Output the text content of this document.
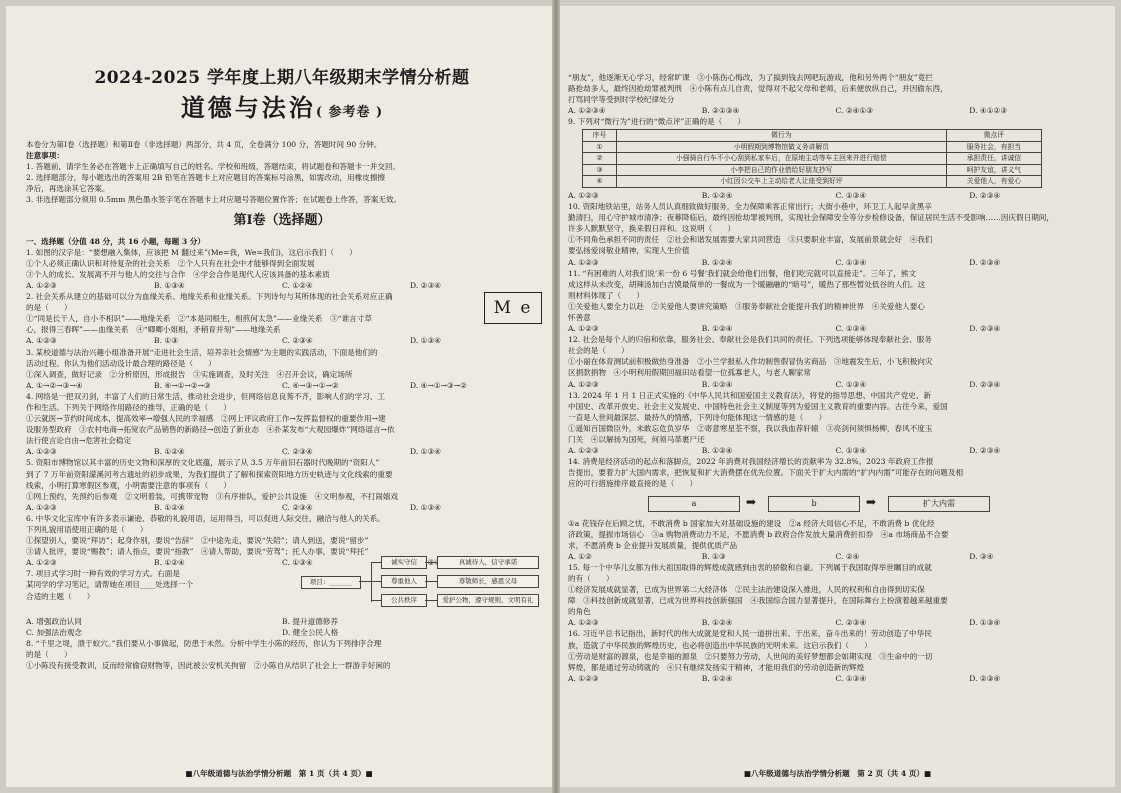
2024-2025 学年度上期八年级期末学情分析题

道德与法治( 参考卷 )

本卷分为第Ⅰ卷（选择题）和第Ⅱ卷（非选择题）两部分，共 4 页，全卷满分 100 分，答题时间 90 分钟。

注意事项：

1. 答题前，请学生务必在答题卡上正确填写自己的姓名、学校和班级，答题结束，将试题卷和答题卡一并交回。

2. 选择题部分，每小题选出的答案用 2B 铅笔在答题卡上对应题目的答案标号涂黑，如需改动，用橡皮擦擦

净后，再选涂其它答案。

3. 非选择题部分须用 0.5mm 黑色墨水签字笔在答题卡上对应题号答题位置作答；在试题卷上作答，答案无效。

第Ⅰ卷（选择题）

一、选择题（分值 48 分，共 16 小题，每题 3 分）

1. 如图的汉字是：“要想融入集体，应该把 M 翻过来”(Me=我，We=我们)，这启示我们（　　）

①个人必须正确认识和对待复杂的社会关系　②个人只有在社会中才能够得到全面发展

③个人的成长、发展离不开与他人的交往与合作　④学会合作是现代人应该具备的基本素质

A. ①②③	B. ①③④	C. ①②④	D. ②③④

2. 社会关系从建立的基础可以分为血缘关系、地缘关系和业缘关系。下列诗句与其所体现的社会关系对应正确

的是（　　）

①“同是长干人，自小不相识”——地缘关系　②“本是同根生，相煎何太急”——业缘关系　③“谁言寸草

心，报得三春晖”——血缘关系　④“卿卿小姐相，矛稍育并刻”——地缘关系

A. ①②③	B. ①③	C. ②③④	D. ①③④

3. 某校道德与法治兴趣小组准备开展“走进社会生活，培养亲社会情感”为主题的实践活动，下面是他们的

活动过程。你认为他们活动设计最合理的路径是（　　）

①深入调查，做好记录　②分析原因，形成报告　③实施调查，及时关注　④召开会议，确定场所

A. ①→②→③→④	B. ④→①→②→③	C. ④→③→①→②	D. ④→①→③→②

4. 网络是一把双刃剑，丰富了人们的日常生活，推动社会进步，但网络信息良莠不齐，影响人们的学习、工

作和生活。下列关于网络作用路径的推导，正确的是（　　）

①云就医→节约时间成本，提高效率→增强人民的幸福感　②网上评议政府工作→发挥监督权的重要作用→建

设服务型政府　③农村电商→拓宽农产品销售的新路径→创造了新业态　④扑某发布“大观园爆炸”网络谣言→依

法行使言论自由→危害社会稳定

A. ①②③	B. ①②④	C. ②③④	D. ①③④

5. 资阳市博物馆以其丰富的历史文物和深厚的文化底蕴，展示了从 3.5 万年前旧石器时代晚期的“资阳人”

到了 7 万年前资阳濛溪河考古遗址的初步成果，为我们提供了了解和探索资阳地方历史轨迹与文化线索的重要

线索，小明打算寒假区参观，小明需要注意的事项有（　　）

①网上预约，先预约后参观　②文明着装，可携带宠物　③有序排队，爱护公共设施　④文明参观，不打闹嬉戏

A. ①②③	B. ①②④	C. ②③④	D. ①③④

6. 中华文化宝库中有许多表示谦逊、恭敬的礼貌用语，运用得当，可以促进人际交往，融洽与他人的关系。

下列礼貌用语使用正确的是（　　）

①探望别人，要说“拜访”；起身作别，要说“告辞”　②中途先走，要说“失陪”；请人到送，要说“留步”

③请人批评，要说“赐教”；请人指点，要说“指教”　④请人帮助，要说“劳驾”；托人办事，要说“拜托”

A. ①②③	B. ①②④	C. ①③④	②③④

7. 项目式学习时一种有效的学习方式。右面是

某同学的学习笔记，请帮她在项目____处选择一个

合适的主题（　　）

项目：_______
诚实守信	真诚待人，信守承诺
尊重他人	尊敬师长，感恩父母
公共秩序	爱护公物，遵守规则，文明有礼
A. 增强政治认同	B. 提升道德修养
C. 加强法治观念	D. 健全公民人格

8. “千里之堤，溃于蚁穴。”我们要从小事做起，防患于未然。分析中学生小陈的经历，你认为下列排序合理

的是（　　）

①小陈没有接受教训，反而经常偷窃财物等，因此被公安机关拘留　②小陈自从结识了社会上一群游手好闲的

M e
■八年级道德与法治学情分析题　第 1 页（共 4 页）■

“朋友”，他逐渐无心学习，经常旷课　③小陈伤心悔改，为了搞到钱去网吧玩游戏，他和另外两个“朋友”竟拦

路抢劫多人，最终因抢劫罪被判刑　④小陈有点儿自责，觉得对不起父母和老师，后来便放纵自己，并因偷东西，

打骂同学等受到时学校纪律处分

A. ①②③④	B. ②①③④	C. ②④①③	D. ④①②③

9. 下列对“微行为”进行的“微点评”正确的是（　　）

序号	微行为	微点评
①	小明假期到博物馆做义务讲解员	服务社会，有担当
②	小强骑自行车不小心刮到私家车后，在原地主动等车主回来并进行赔偿	承担责任，讲诚信
③	小李把自己的作业借给好朋友抄写	呵护友谊，讲义气
④	小红因公交车上主动给老人让座受到好评	关爱他人，有爱心
A. ①②③	B. ①②④	C. ①③④	D. ②③④

10. 资阳地铁站里，站务人员认真细致做好服务，全力保障乘客正常出行；大街小巷中，环卫工人起早贪黑辛

勤清扫，用心守护城市清净；夜幕降临后，最终因抢劫罪被判刑，实现社会保障安全等分步检修设备，保证居民生活不受影响……因庆假日期间，

许多人默默坚守，换来假日祥和。这说明（　　）

①不同角色承担不同的责任　②社会和谐发展需要大家共同营造　③只要职业丰富，发展前景就会好　④我们

要弘扬爱岗敬业精神，实现人生价值

A. ①②③	B. ①②④	C. ①③④	D. ②③④

11. “有困难的人对我们说‘来一份 6 号餐’我们就会给他们出餐，他们吃完就可以直接走”。三年了，熊文

成这样从未改变，胡辣汤加白吉馍最简单的一餐成为一个暖融融的“暗号”，暖热了那些暂处低谷的人们。这

则材料体现了（　　）

①关爱他人要全力以赴　②关爱他人要讲究策略　③服务奉献社会能提升我们的精神世界　④关爱他人要心

怀善意

A. ①②③	B. ①②④	C. ①③④	D. ②③④

12. 社会是每个人的归宿和依靠，服务社会、奉献社会是我们共同的责任。下列选项能够体现奉献社会、服务

社会的是（　　）

①小丽在体育测试前积极做热身准备　②小兰学报私人作坊制售假冒伪劣商品　③地震发生后，小飞积极向灾

区捐款捐物　④小明利用假期回福田站看望一位孤寡老人，与老人聊家常

A. ①②③	B. ①②④	C. ①③④	D. ②③④

13. 2024 年 1 月 1 日正式实施的《中华人民共和国爱国主义教育法》，将党的指导思想、中国共产党史、新

中国史、改革开放史、社会主义发展史、中国特色社会主义制度等列为爱国主义教育的重要内容。古往今来，爱国

一直是人世间最深层、最持久的情感，下列诗句能体现这一情感的是（　　）

①遥知百国微臣外，未敢忘危负岁华　②寄意寒星荃不察，我以我血荐轩辕　③亮剑何须惧杨柳，春风不度玉

门关　④以解扬为国死，何须马革裹尸还

A. ①②③	B. ①②④	C. ①③④	D. ②③④

14. 消费是经济活动的起点和落脚点，2022 年消费对我国经济增长的贡献率为 32.8%。2023 年政府工作报

告提出，要着力扩大国内需求，把恢复和扩大消费摆在优先位置。下面关于扩大内需的“扩内内需”可能存在的问题及相

应的可行措施排序最直接的是（　　）

a	➡	b	➡	扩大内需

①a 花钱存在后顾之忧，不敢消费 b 国家加大对基础设施的建设　②a 经济大局信心不足，不敢消费 b 优化经

济政策，提振市场信心　③a 购物消费动力不足，不愿消费 b 政府合作发放大量消费折扣券　④a 市场商品不合要

求，不愿消费 b 企业提升发展质量，提供优质产品

A. ①②	B. ①③	C. ②④	D. ③④

15. 每一个中华儿女都为伟大祖国取得的辉煌成就感到由衷的骄傲和自豪。下列属于我国取得举世瞩目的成就

的有（　　）

①经济发展成就显著，已成为世界第二大经济体　②民主法治建设深入推进，人民的权利和自由得到切实保

障　③科技创新成就显著，已成为世界科技创新强国　④我国综合国力显著提升，在国际舞台上扮演着越来越重要

的角色

A. ①②③	B. ①②④	C. ②③④	D. ①③④

16. 习近平总书记指出，新时代的伟大成就是党和人民一道拼出来、干出来，奋斗出来的！劳动创造了中华民

族，造就了中华民族的辉煌历史，也必将创造出中华民族的光明未来。这启示我们（　　）

①劳动是财富的源泉，也是幸福的源泉　②只要努力劳动，人世间的美好梦想都会如期实现　③生命中的一切

辉煌，都是通过劳动铸就的　④只有继续发扬实干精神，才能用我们的劳动创造新的辉煌

A. ①②③	B. ①②④	C. ①③④	D. ②③④
■八年级道德与法治学情分析题　第 2 页（共 4 页）■
